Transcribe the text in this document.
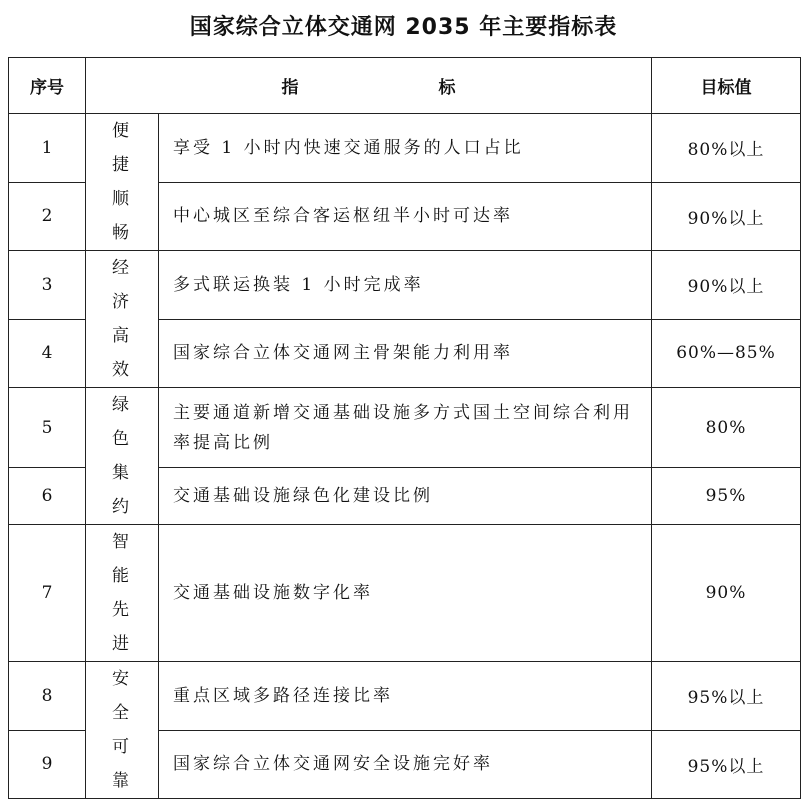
国家综合立体交通网 2035 年主要指标表
序号	指标		目标值
1	便捷顺畅	享受 1 小时内快速交通服务的人口占比	80%以上
2		中心城区至综合客运枢纽半小时可达率	90%以上
3	经济高效	多式联运换装 1 小时完成率	90%以上
4		国家综合立体交通网主骨架能力利用率	60%—85%
5	绿色集约	主要通道新增交通基础设施多方式国土空间综合利用率提高比例	80%
6		交通基础设施绿色化建设比例	95%
7	智能先进	交通基础设施数字化率	90%
8	安全可靠	重点区域多路径连接比率	95%以上
9		国家综合立体交通网安全设施完好率	95%以上
